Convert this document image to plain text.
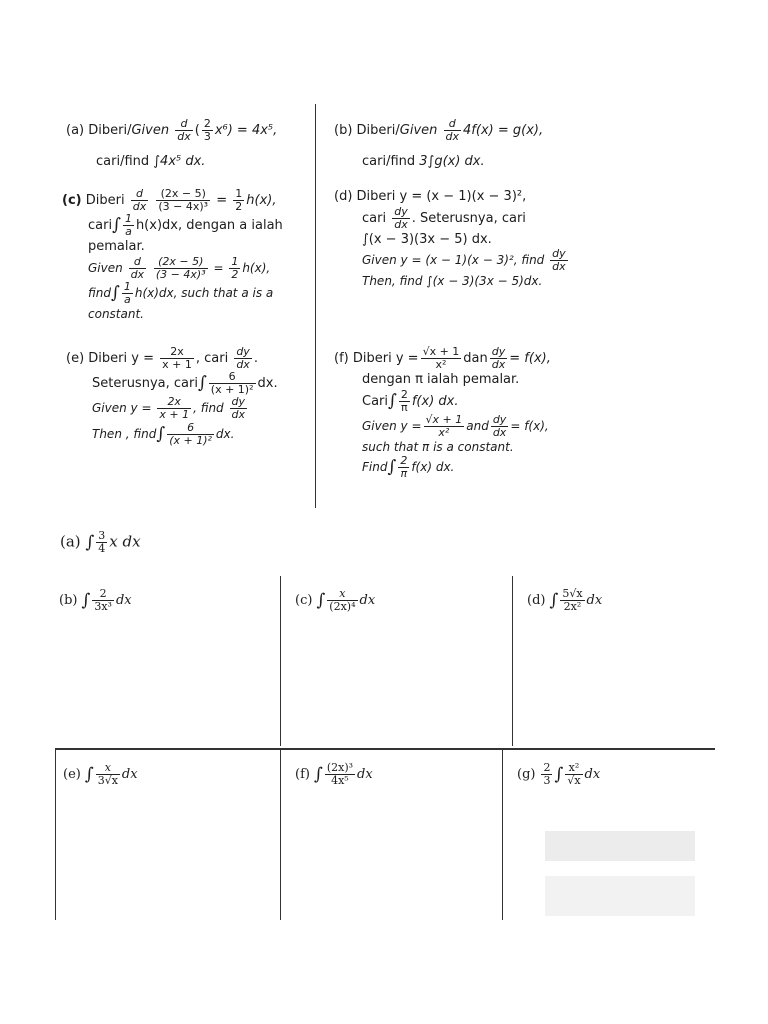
(a) Diberi/Given $\frac{d}{dx}$ ( $\frac{2}{3} x^6) = 4x^5$,
cari/find ∫4x⁵ dx.
(b) Diberi/Given $\frac{d}{dx} 4f(x) = g(x)$,
cari/find 3∫g(x) dx.
(c) Diberi $\frac{d}{dx}$
$\frac{(2x - 5)}{\text{(3 − 4x)³}} = \frac{1}{2} h(x)$,
cari∫ $\frac{1}{a} h(x)dx$, dengan a ialah
pemalar.
Given $\frac{d}{dx}$
$\frac{(2x - 5)}{\text{(3 − 4x)³}} = \frac{1}{2} h(x)$,
find∫ $\frac{1}{a} h(x)dx$, such that a is a
constant.
(d) Diberi y = (x − 1)(x − 3)²,
cari $\frac{dy}{dx}$ . Seterusnya, cari
∫(x − 3)(3x − 5) dx.
Given y = (x − 1)(x − 3)², find $\frac{dy}{dx}$
Then, find ∫(x − 3)(3x − 5)dx.
(e) Diberi $y = \frac{2x}{x + 1}$ , cari $\frac{dy}{dx}$ .
Seterusnya, cari∫ $\frac{6}{\text{(x + 1)²}}$ dx.
Given $y = \frac{2x}{x + 1}$ , find $\frac{dy}{dx}$
Then , find∫ $\frac{6}{\text{(x + 1)²}}$ dx.
(f) Diberi $y = \frac{√x + 1}{\text{x²}}$ dan $\frac{dy}{dx} = f(x)$,
dengan π ialah pemalar.
Cari∫ $\frac{2}{\pi} f(x)$ dx.
Given $y = \frac{√x + 1}{\text{x²}}$ and $\frac{dy}{dx} = f(x)$,
such that π is a constant.
Find∫ $\frac{2}{\pi} f(x)$ dx.
(a) ∫ $\frac{3}{4}$ x dx
(b) ∫ $\frac{2}{\text{3x³}}$ dx	(c) ∫ $\frac{x}{\text{(2x)⁴}}$ dx	(d) ∫ $\frac{5√x}{\text{2x²}}$ dx
(e) ∫ $\frac{x}{3√x}$ dx	(f) ∫ $\frac{\text{(2x)³}}{\text{4x⁵}}$ dx	$(g) \frac{2}{3}$ ∫ $\frac{\text{x²}}{√x}$ dx
